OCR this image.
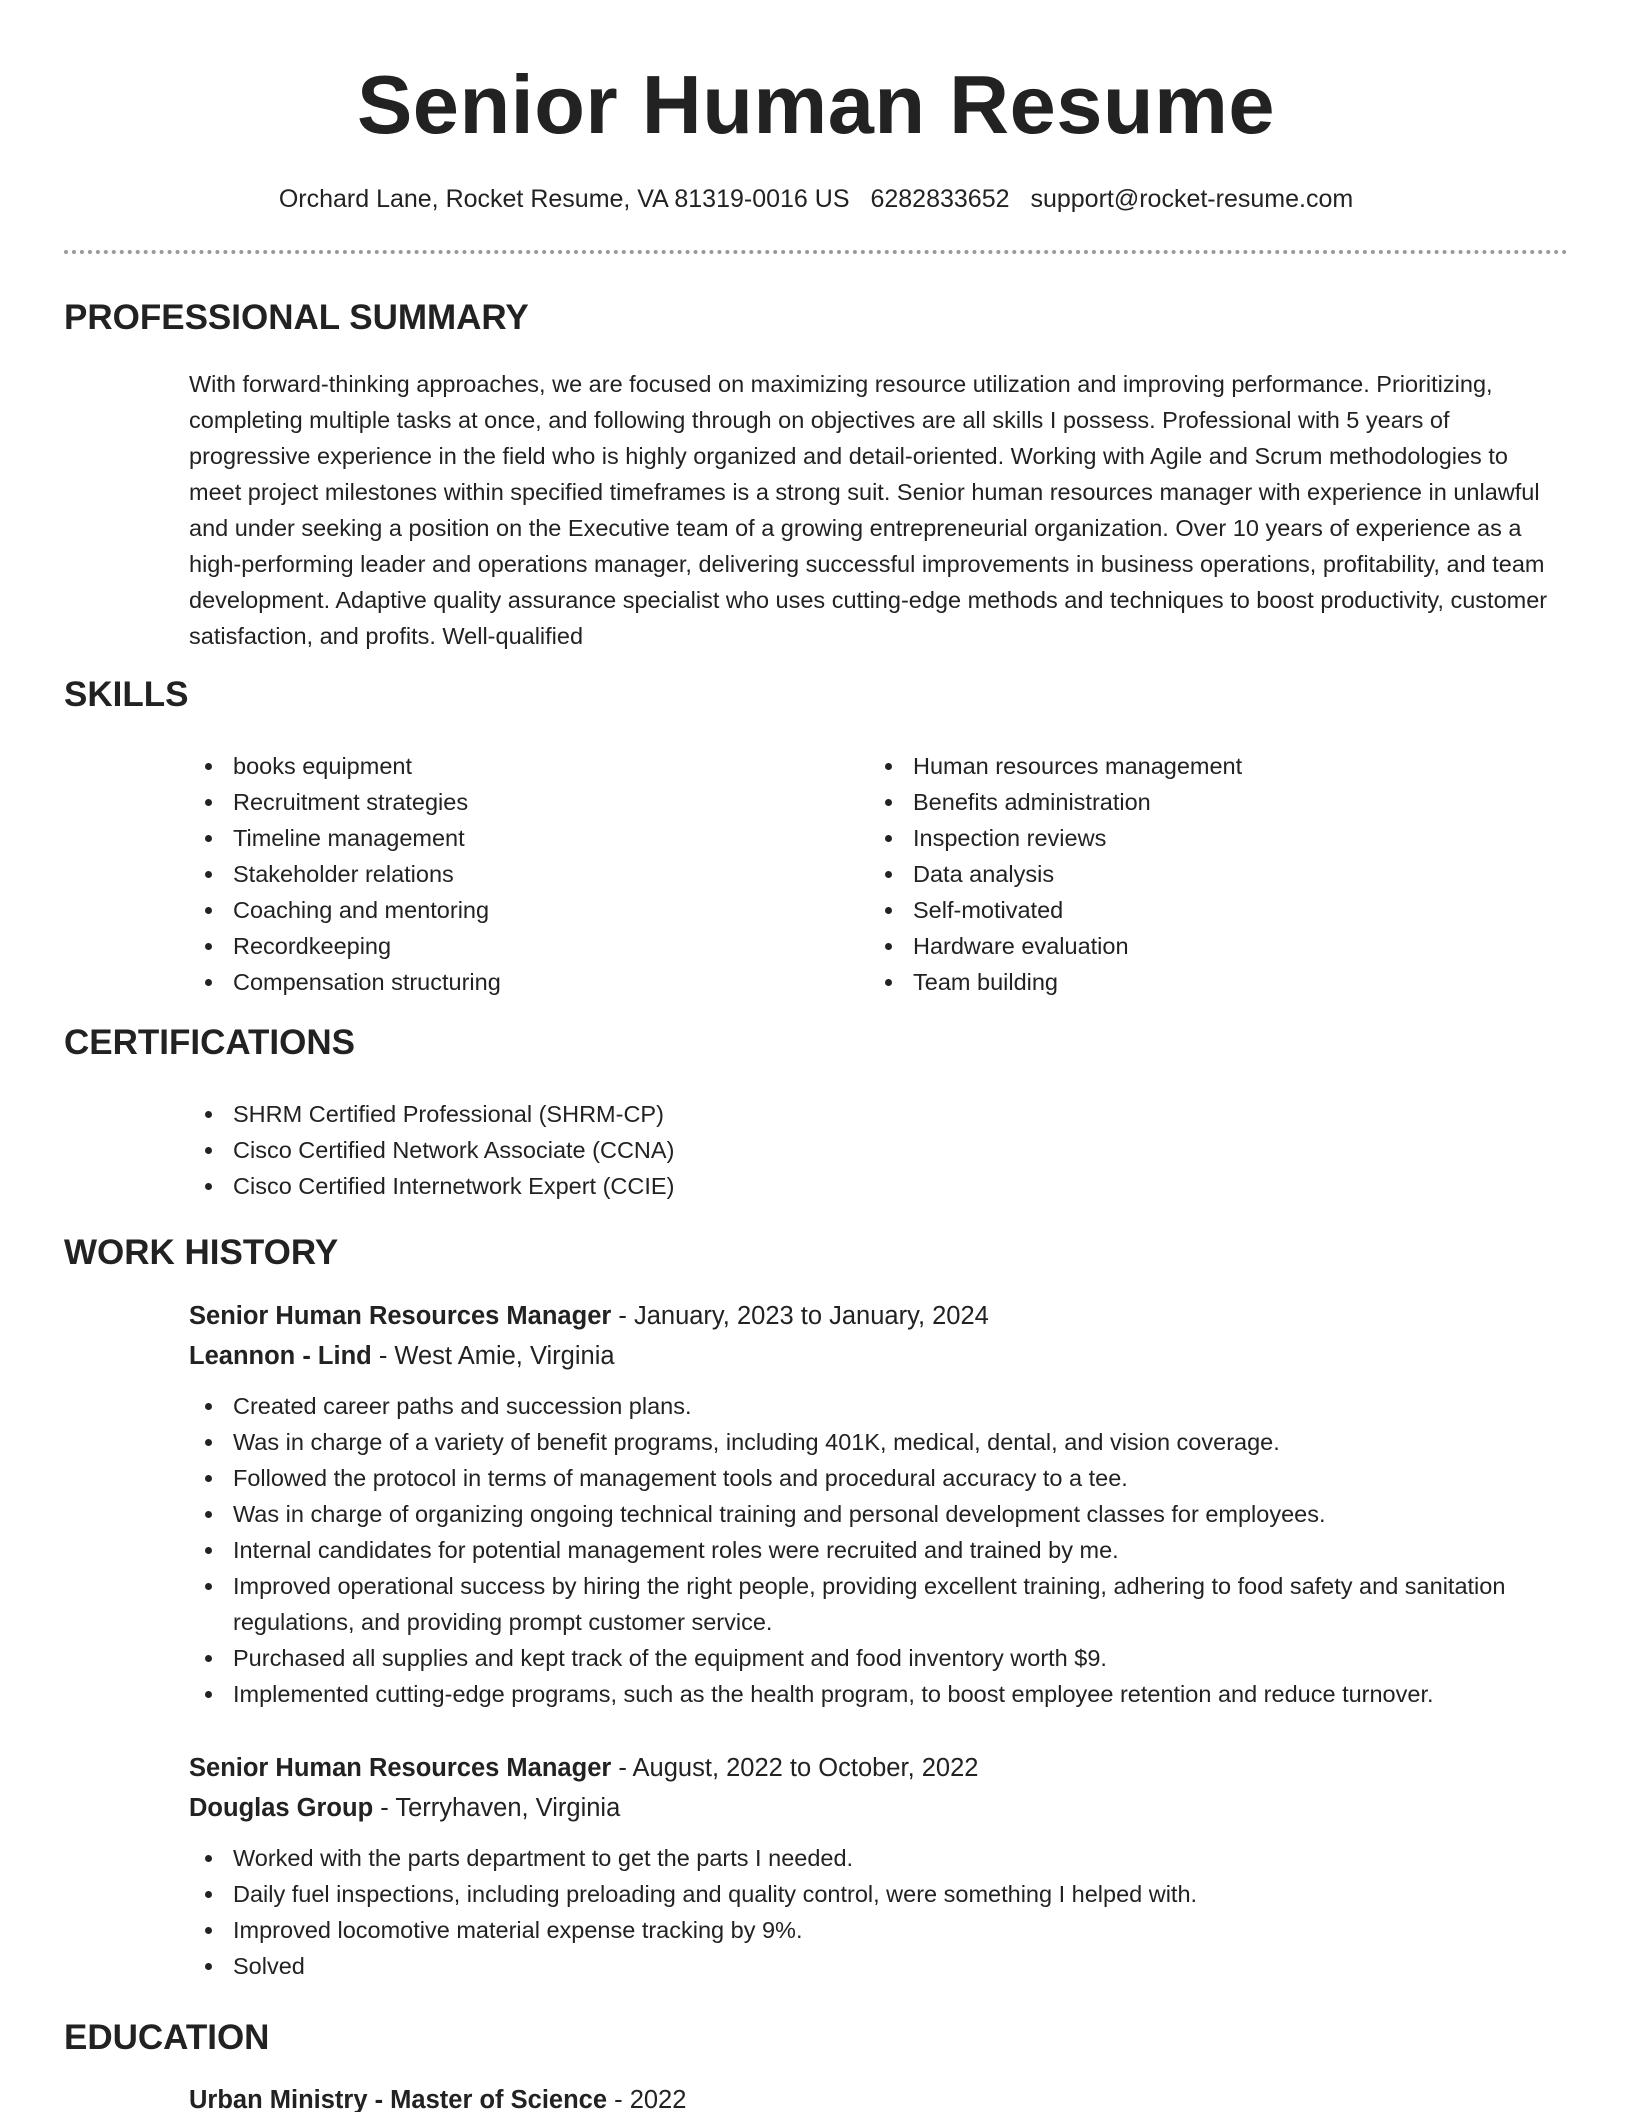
Senior Human Resume
Orchard Lane, Rocket Resume, VA 81319-0016 US 6282833652 support@rocket-resume.com
PROFESSIONAL SUMMARY

With forward-thinking approaches, we are focused on maximizing resource utilization and improving performance. Prioritizing, completing multiple tasks at once, and following through on objectives are all skills I possess. Professional with 5 years of progressive experience in the field who is highly organized and detail-oriented. Working with Agile and Scrum methodologies to meet project milestones within specified timeframes is a strong suit. Senior human resources manager with experience in unlawful and under seeking a position on the Executive team of a growing entrepreneurial organization. Over 10 years of experience as a high-performing leader and operations manager, delivering successful improvements in business operations, profitability, and team development. Adaptive quality assurance specialist who uses cutting-edge methods and techniques to boost productivity, customer satisfaction, and profits. Well-qualified

SKILLS
books equipment
Recruitment strategies
Timeline management
Stakeholder relations
Coaching and mentoring
Recordkeeping
Compensation structuring
Human resources management
Benefits administration
Inspection reviews
Data analysis
Self-motivated
Hardware evaluation
Team building
CERTIFICATIONS
SHRM Certified Professional (SHRM-CP)
Cisco Certified Network Associate (CCNA)
Cisco Certified Internetwork Expert (CCIE)
WORK HISTORY
Senior Human Resources Manager - January, 2023 to January, 2024
Leannon - Lind - West Amie, Virginia
Created career paths and succession plans.
Was in charge of a variety of benefit programs, including 401K, medical, dental, and vision coverage.
Followed the protocol in terms of management tools and procedural accuracy to a tee.
Was in charge of organizing ongoing technical training and personal development classes for employees.
Internal candidates for potential management roles were recruited and trained by me.
Improved operational success by hiring the right people, providing excellent training, adhering to food safety and sanitation regulations, and providing prompt customer service.
Purchased all supplies and kept track of the equipment and food inventory worth $9.
Implemented cutting-edge programs, such as the health program, to boost employee retention and reduce turnover.
Senior Human Resources Manager - August, 2022 to October, 2022
Douglas Group - Terryhaven, Virginia
Worked with the parts department to get the parts I needed.
Daily fuel inspections, including preloading and quality control, were something I helped with.
Improved locomotive material expense tracking by 9%.
Solved
EDUCATION
Urban Ministry - Master of Science - 2022
